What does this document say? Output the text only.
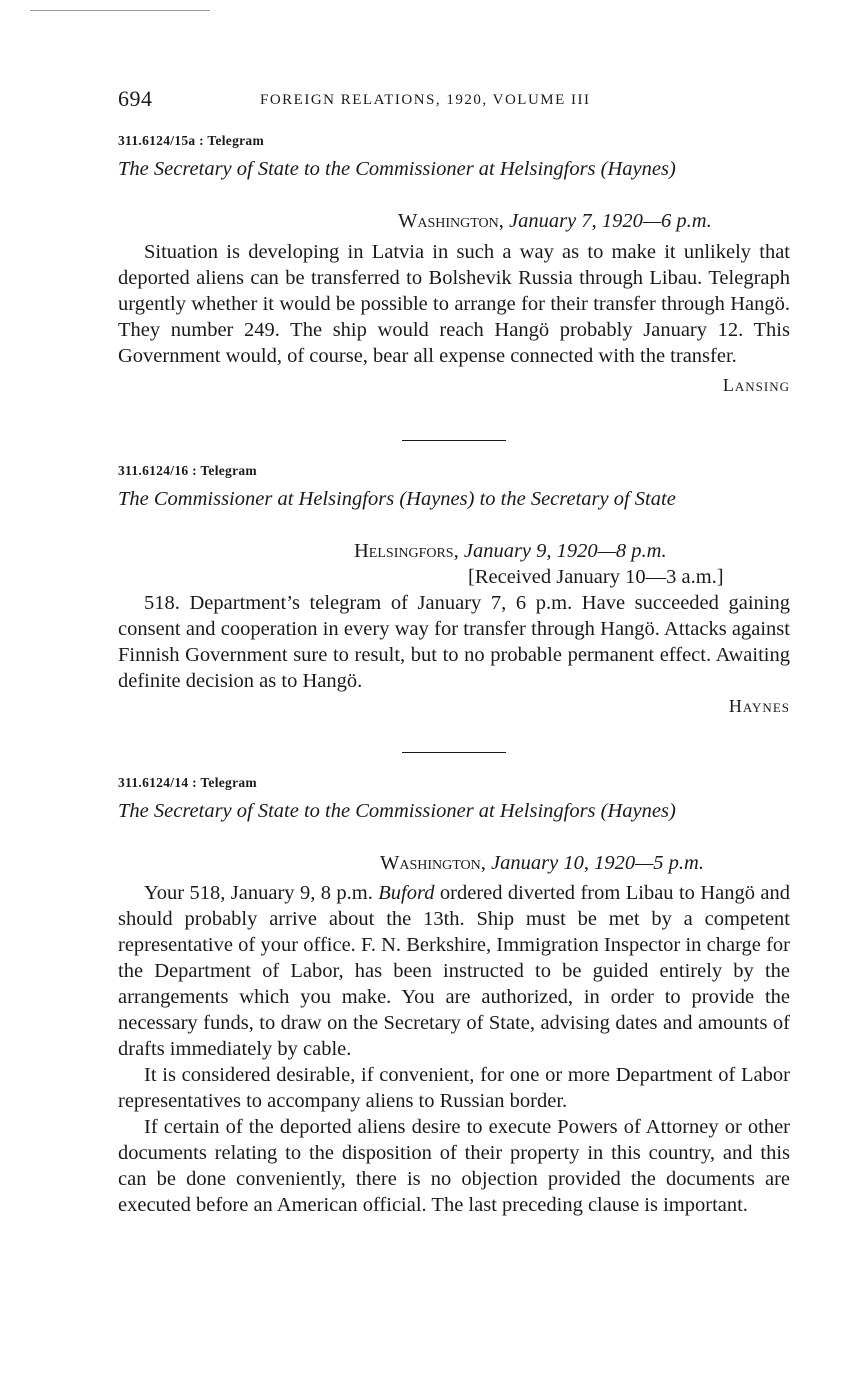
694	FOREIGN RELATIONS, 1920, VOLUME III

311.6124/15a : Telegram

The Secretary of State to the Commissioner at Helsingfors (Haynes)

Washington, January 7, 1920—6 p.m.

Situation is developing in Latvia in such a way as to make it unlikely that deported aliens can be transferred to Bolshevik Russia through Libau. Telegraph urgently whether it would be possible to arrange for their transfer through Hangö. They number 249. The ship would reach Hangö probably January 12. This Government would, of course, bear all expense connected with the transfer.

Lansing

311.6124/16 : Telegram

The Commissioner at Helsingfors (Haynes) to the Secretary of State

Helsingfors, January 9, 1920—8 p.m.

[Received January 10—3 a.m.]

518. Department’s telegram of January 7, 6 p.m. Have succeeded gaining consent and cooperation in every way for transfer through Hangö. Attacks against Finnish Government sure to result, but to no probable permanent effect. Awaiting definite decision as to Hangö.

Haynes

311.6124/14 : Telegram

The Secretary of State to the Commissioner at Helsingfors (Haynes)

Washington, January 10, 1920—5 p.m.

Your 518, January 9, 8 p.m. Buford ordered diverted from Libau to Hangö and should probably arrive about the 13th. Ship must be met by a competent representative of your office. F. N. Berkshire, Immigration Inspector in charge for the Department of Labor, has been instructed to be guided entirely by the arrangements which you make. You are authorized, in order to provide the necessary funds, to draw on the Secretary of State, advising dates and amounts of drafts immediately by cable.

It is considered desirable, if convenient, for one or more Department of Labor representatives to accompany aliens to Russian border.

If certain of the deported aliens desire to execute Powers of Attorney or other documents relating to the disposition of their property in this country, and this can be done conveniently, there is no objection provided the documents are executed before an American official. The last preceding clause is important.
